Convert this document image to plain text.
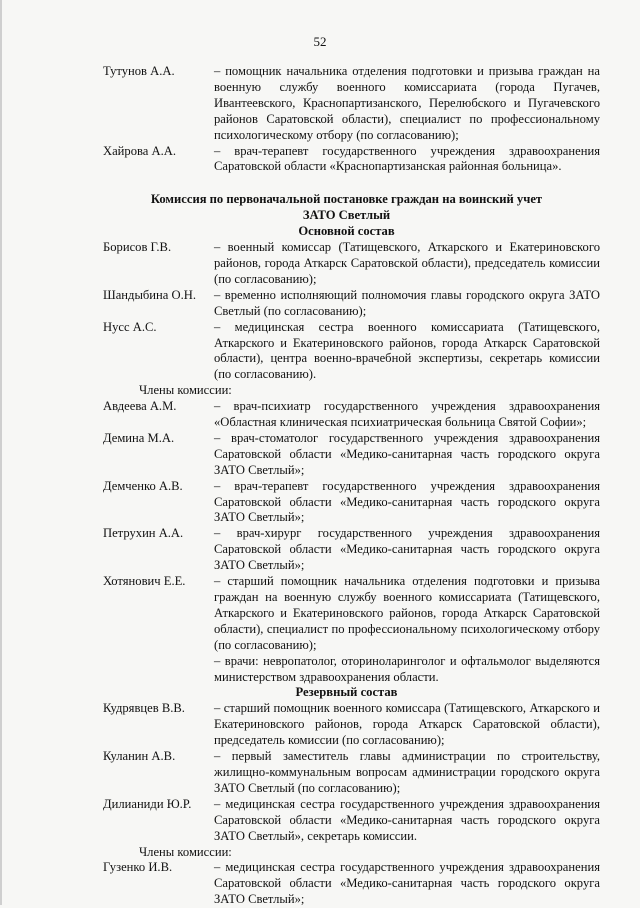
52
Тутунов А.А.	– помощник начальника отделения подготовки и призыва граждан на военную службу военного комиссариата (города Пугачев, Ивантеевского, Краснопартизанского, Перелюбского и Пугачевского районов Саратовской области), специалист по профессиональному психологическому отбору (по согласованию);
Хайрова А.А.	– врач-терапевт государственного учреждения здравоохранения Саратовской области «Краснопартизанская районная больница».
Комиссия по первоначальной постановке граждан на воинский учет
ЗАТО Светлый
Основной состав
Борисов Г.В.	– военный комиссар (Татищевского, Аткарского и Екатериновского районов, города Аткарск Саратовской области), председатель комиссии (по согласованию);
Шандыбина О.Н.	– временно исполняющий полномочия главы городского округа ЗАТО Светлый (по согласованию);
Нусс А.С.	– медицинская сестра военного комиссариата (Татищевского, Аткарского и Екатериновского районов, города Аткарск Саратовской области), центра военно-врачебной экспертизы, секретарь комиссии (по согласованию).
Члены комиссии:
Авдеева А.М.	– врач-психиатр государственного учреждения здравоохранения «Областная клиническая психиатрическая больница Святой Софии»;
Демина М.А.	– врач-стоматолог государственного учреждения здравоохранения Саратовской области «Медико-санитарная часть городского округа ЗАТО Светлый»;
Демченко А.В.	– врач-терапевт государственного учреждения здравоохранения Саратовской области «Медико-санитарная часть городского округа ЗАТО Светлый»;
Петрухин А.А.	– врач-хирург государственного учреждения здравоохранения Саратовской области «Медико-санитарная часть городского округа ЗАТО Светлый»;
Хотянович Е.Е.	– старший помощник начальника отделения подготовки и призыва граждан на военную службу военного комиссариата (Татищевского, Аткарского и Екатериновского районов, города Аткарск Саратовской области), специалист по профессиональному психологическому отбору (по согласованию);
– врачи: невропатолог, оториноларинголог и офтальмолог выделяются министерством здравоохранения области.
Резервный состав
Кудрявцев В.В.	– старший помощник военного комиссара (Татищевского, Аткарского и Екатериновского районов, города Аткарск Саратовской области), председатель комиссии (по согласованию);
Куланин А.В.	– первый заместитель главы администрации по строительству, жилищно-коммунальным вопросам администрации городского округа ЗАТО Светлый (по согласованию);
Дилианиди Ю.Р.	– медицинская сестра государственного учреждения здравоохранения Саратовской области «Медико-санитарная часть городского округа ЗАТО Светлый», секретарь комиссии.
Члены комиссии:
Гузенко И.В.	– медицинская сестра государственного учреждения здравоохранения Саратовской области «Медико-санитарная часть городского округа ЗАТО Светлый»;
